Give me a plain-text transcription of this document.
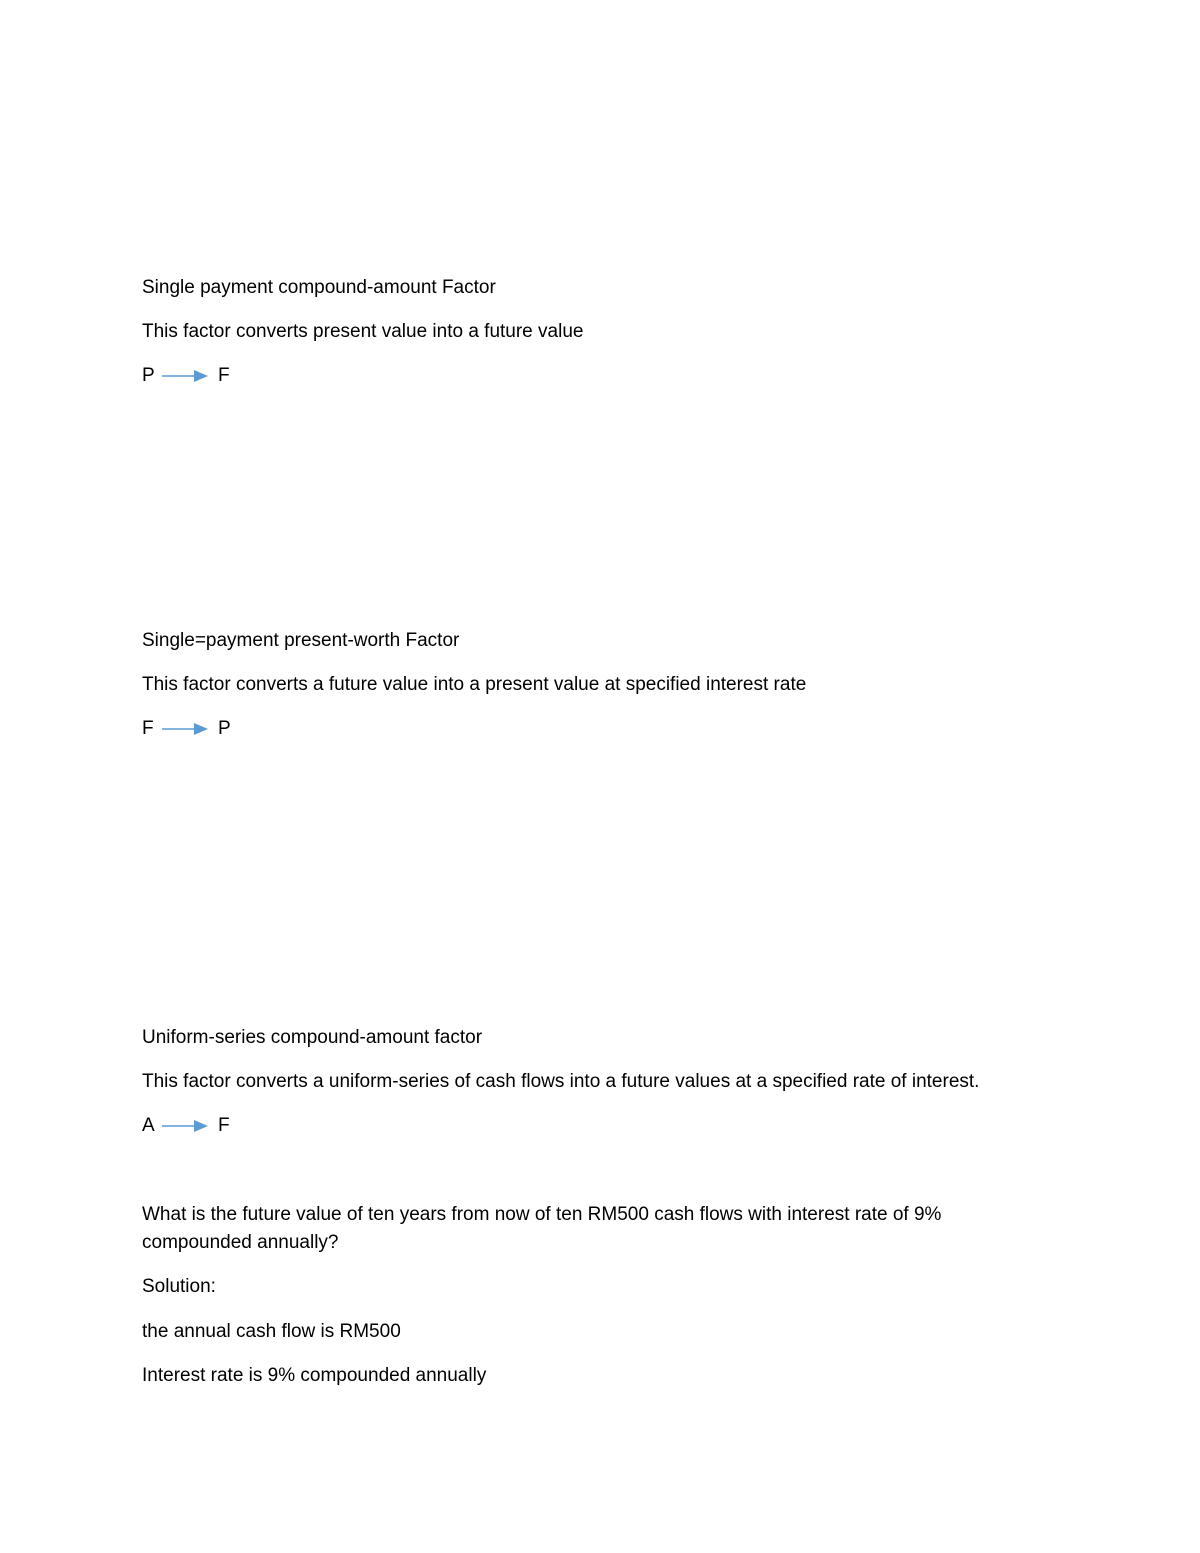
Single payment compound-amount Factor
This factor converts present value into a future value
P	F
Single=payment present-worth Factor
This factor converts a future value into a present value at specified interest rate
F	P
Uniform-series compound-amount factor
This factor converts a uniform-series of cash flows into a future values at a specified rate of interest.
A	F
What is the future value of ten years from now of ten RM500 cash flows with interest rate of 9% compounded annually?
Solution:
the annual cash flow is RM500
Interest rate is 9% compounded annually
